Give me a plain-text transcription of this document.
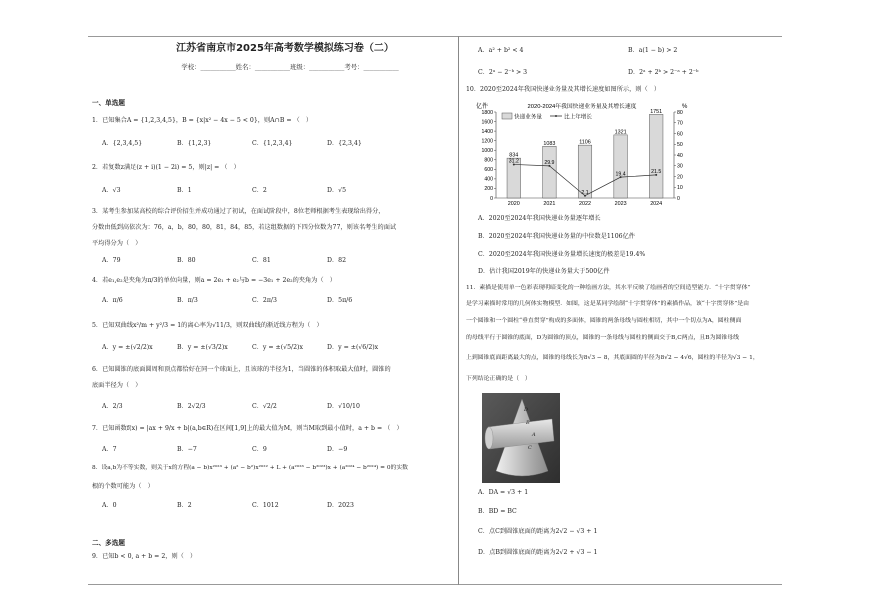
江苏省南京市2025年高考数学模拟练习卷（二）
学校：___________姓名：___________班级：___________考号：___________
一、单选题
1．已知集合A = {1,2,3,4,5}，B = {x|x² − 4x − 5 < 0}，则A∩B = （　）
A．{2,3,4,5}	B．{1,2,3}	C．{1,2,3,4}	D．{2,3,4}
2．若复数z满足(z + i)(1 − 2i) = 5，则|z| = （　）
A．√3	B．1	C．2	D．√5
3．某考生参加某高校的综合评价招生并成功通过了初试，在面试阶段中，8位老师根据考生表现给出得分，
分数由低到高依次为：76，a，b，80，80，81，84，85，若这组数据的下四分位数为77，则该名考生的面试
平均得分为（　）
A．79	B．80	C．81	D．82
4．若e₁,e₂是夹角为π/3的单位向量，则a = 2e₁ + e₂与b = −3e₁ + 2e₂的夹角为（　）
A．π/6	B．π/3	C．2π/3	D．5π/6
5．已知双曲线x²/m + y²/3 = 1的离心率为√11/3，则双曲线的渐近线方程为（　）
A．y = ±(√2/2)x	B．y = ±(√3/2)x	C．y = ±(√5/2)x	D．y = ±(√6/2)x
6．已知圆锥的底面圆周和顶点都恰好在同一个球面上，且该球的半径为1，当圆锥的体积取最大值时，圆锥的
底面半径为（　）
A．2/3	B．2√2/3	C．√2/2	D．√10/10
7．已知函数f(x) = |ax + 9/x + b|(a,b∈R)在区间[1,9]上的最大值为M，则当M取到最小值时，a + b = （　）
A．7	B．−7	C．9	D．−9
8．设a,b为不等实数，则关于x的方程(a − b)x²⁰²³ + (a² − b²)x²⁰²² + L + (a²⁰²³ − b²⁰²³)x + (a²⁰²⁴ − b²⁰²⁴) = 0的实数
根的个数可能为（　）
A．0	B．2	C．1012	D．2023
二、多选题
9．已知b < 0, a + b = 2，则（　）
A．a² + b² < 4	B．a(1 − b) > 2
C．2ᵃ − 2⁻ᵇ > 3	D．2ᵃ + 2ᵇ > 2⁻ᵃ + 2⁻ᵇ
10．2020至2024年我国快递业务量及其增长速度如图所示，则（　）
亿件	2020-2024年我国快递业务量及其增长速度	%
0
200
400
600
800
1000
1200
1400
1600
1800
0
10
20
30
40
50
60
70
80
834
2020
1083
2021
1106
2022
1321
2023
1751
2024
31.2	29.9
2.1
19.4	21.5
快递业务量	比上年增长
A．2020至2024年我国快递业务量逐年增长
B．2020至2024年我国快递业务量的中位数是1106亿件
C．2020至2024年我国快递业务量增长速度的极差是19.4%
D．估计我国2019年的快递业务量大于500亿件
11．素描是使用单一色彩表现明暗变化的一种绘画方法，其水平反映了绘画者的空间造型能力．“十字贯穿体”
是学习素描时常用的几何体实物模型．如图，这是某同学绘制“十字贯穿体”的素描作品，该“十字贯穿体”是由
一个圆锥和一个圆柱“垂直贯穿”构成的多面体，圆锥的两条母线与圆柱相切，其中一个切点为A，圆柱侧面
的母线平行于圆锥的底面，D为圆锥的顶点，圆锥的一条母线与圆柱的侧面交于B,C两点，且B为圆锥母线
上到圆锥底面距离最大的点，圆锥的母线长为8√3 − 8，其底面圆的半径为8√2 − 4√6，圆柱的半径为√3 − 1，
下列结论正确的是（　）
D
B
A
C
A．DA = √3 + 1
B．BD = BC
C．点C到圆锥底面的距离为2√2 − √3 + 1
D．点B到圆锥底面的距离为2√2 + √3 − 1
